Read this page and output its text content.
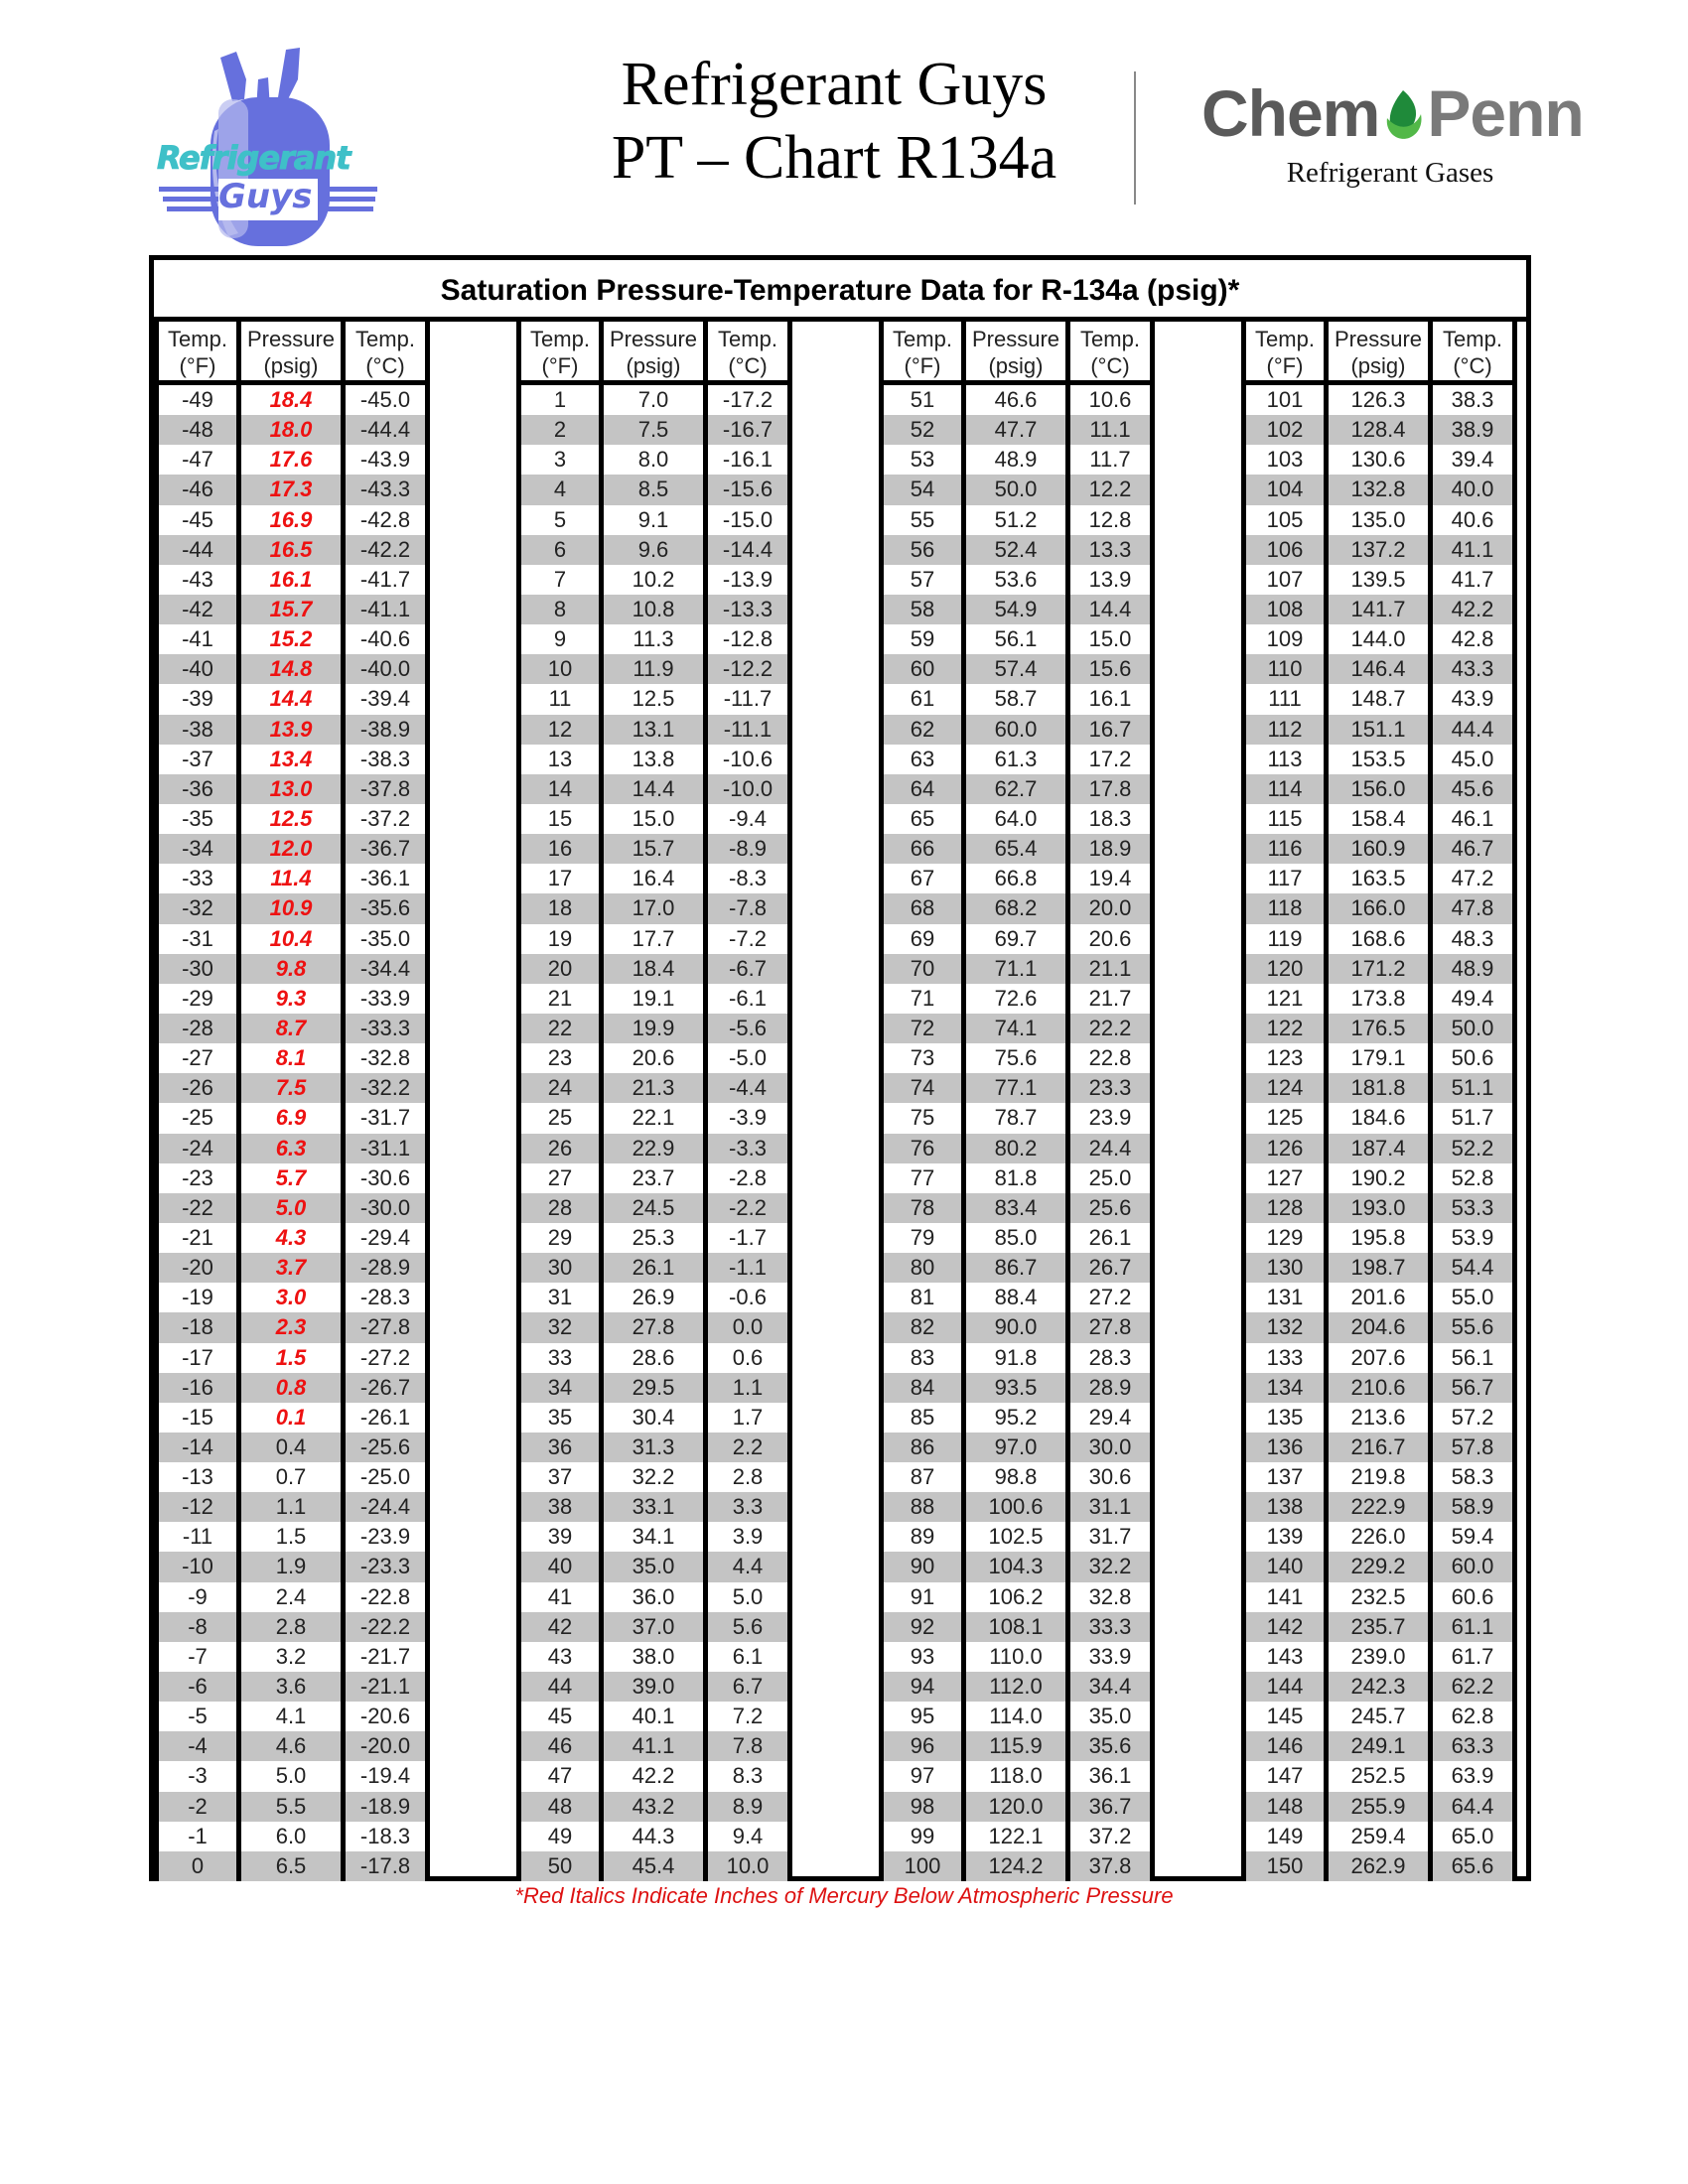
Refrigerant
Guys
Refrigerant Guys
PT – Chart R134a
Chem Penn
Refrigerant Gases
Saturation Pressure-Temperature Data for R-134a (psig)*
Temp.
(°F)
-49
-48
-47
-46
-45
-44
-43
-42
-41
-40
-39
-38
-37
-36
-35
-34
-33
-32
-31
-30
-29
-28
-27
-26
-25
-24
-23
-22
-21
-20
-19
-18
-17
-16
-15
-14
-13
-12
-11
-10
-9
-8
-7
-6
-5
-4
-3
-2
-1
0
Pressure
(psig)
18.4
18.0
17.6
17.3
16.9
16.5
16.1
15.7
15.2
14.8
14.4
13.9
13.4
13.0
12.5
12.0
11.4
10.9
10.4
9.8
9.3
8.7
8.1
7.5
6.9
6.3
5.7
5.0
4.3
3.7
3.0
2.3
1.5
0.8
0.1
0.4
0.7
1.1
1.5
1.9
2.4
2.8
3.2
3.6
4.1
4.6
5.0
5.5
6.0
6.5
Temp.
(°C)
-45.0
-44.4
-43.9
-43.3
-42.8
-42.2
-41.7
-41.1
-40.6
-40.0
-39.4
-38.9
-38.3
-37.8
-37.2
-36.7
-36.1
-35.6
-35.0
-34.4
-33.9
-33.3
-32.8
-32.2
-31.7
-31.1
-30.6
-30.0
-29.4
-28.9
-28.3
-27.8
-27.2
-26.7
-26.1
-25.6
-25.0
-24.4
-23.9
-23.3
-22.8
-22.2
-21.7
-21.1
-20.6
-20.0
-19.4
-18.9
-18.3
-17.8
Temp.
(°F)
1
2
3
4
5
6
7
8
9
10
11
12
13
14
15
16
17
18
19
20
21
22
23
24
25
26
27
28
29
30
31
32
33
34
35
36
37
38
39
40
41
42
43
44
45
46
47
48
49
50
Pressure
(psig)
7.0
7.5
8.0
8.5
9.1
9.6
10.2
10.8
11.3
11.9
12.5
13.1
13.8
14.4
15.0
15.7
16.4
17.0
17.7
18.4
19.1
19.9
20.6
21.3
22.1
22.9
23.7
24.5
25.3
26.1
26.9
27.8
28.6
29.5
30.4
31.3
32.2
33.1
34.1
35.0
36.0
37.0
38.0
39.0
40.1
41.1
42.2
43.2
44.3
45.4
Temp.
(°C)
-17.2
-16.7
-16.1
-15.6
-15.0
-14.4
-13.9
-13.3
-12.8
-12.2
-11.7
-11.1
-10.6
-10.0
-9.4
-8.9
-8.3
-7.8
-7.2
-6.7
-6.1
-5.6
-5.0
-4.4
-3.9
-3.3
-2.8
-2.2
-1.7
-1.1
-0.6
0.0
0.6
1.1
1.7
2.2
2.8
3.3
3.9
4.4
5.0
5.6
6.1
6.7
7.2
7.8
8.3
8.9
9.4
10.0
Temp.
(°F)
51
52
53
54
55
56
57
58
59
60
61
62
63
64
65
66
67
68
69
70
71
72
73
74
75
76
77
78
79
80
81
82
83
84
85
86
87
88
89
90
91
92
93
94
95
96
97
98
99
100
Pressure
(psig)
46.6
47.7
48.9
50.0
51.2
52.4
53.6
54.9
56.1
57.4
58.7
60.0
61.3
62.7
64.0
65.4
66.8
68.2
69.7
71.1
72.6
74.1
75.6
77.1
78.7
80.2
81.8
83.4
85.0
86.7
88.4
90.0
91.8
93.5
95.2
97.0
98.8
100.6
102.5
104.3
106.2
108.1
110.0
112.0
114.0
115.9
118.0
120.0
122.1
124.2
Temp.
(°C)
10.6
11.1
11.7
12.2
12.8
13.3
13.9
14.4
15.0
15.6
16.1
16.7
17.2
17.8
18.3
18.9
19.4
20.0
20.6
21.1
21.7
22.2
22.8
23.3
23.9
24.4
25.0
25.6
26.1
26.7
27.2
27.8
28.3
28.9
29.4
30.0
30.6
31.1
31.7
32.2
32.8
33.3
33.9
34.4
35.0
35.6
36.1
36.7
37.2
37.8
Temp.
(°F)
101
102
103
104
105
106
107
108
109
110
111
112
113
114
115
116
117
118
119
120
121
122
123
124
125
126
127
128
129
130
131
132
133
134
135
136
137
138
139
140
141
142
143
144
145
146
147
148
149
150
Pressure
(psig)
126.3
128.4
130.6
132.8
135.0
137.2
139.5
141.7
144.0
146.4
148.7
151.1
153.5
156.0
158.4
160.9
163.5
166.0
168.6
171.2
173.8
176.5
179.1
181.8
184.6
187.4
190.2
193.0
195.8
198.7
201.6
204.6
207.6
210.6
213.6
216.7
219.8
222.9
226.0
229.2
232.5
235.7
239.0
242.3
245.7
249.1
252.5
255.9
259.4
262.9
Temp.
(°C)
38.3
38.9
39.4
40.0
40.6
41.1
41.7
42.2
42.8
43.3
43.9
44.4
45.0
45.6
46.1
46.7
47.2
47.8
48.3
48.9
49.4
50.0
50.6
51.1
51.7
52.2
52.8
53.3
53.9
54.4
55.0
55.6
56.1
56.7
57.2
57.8
58.3
58.9
59.4
60.0
60.6
61.1
61.7
62.2
62.8
63.3
63.9
64.4
65.0
65.6
*Red Italics Indicate Inches of Mercury Below Atmospheric Pressure
